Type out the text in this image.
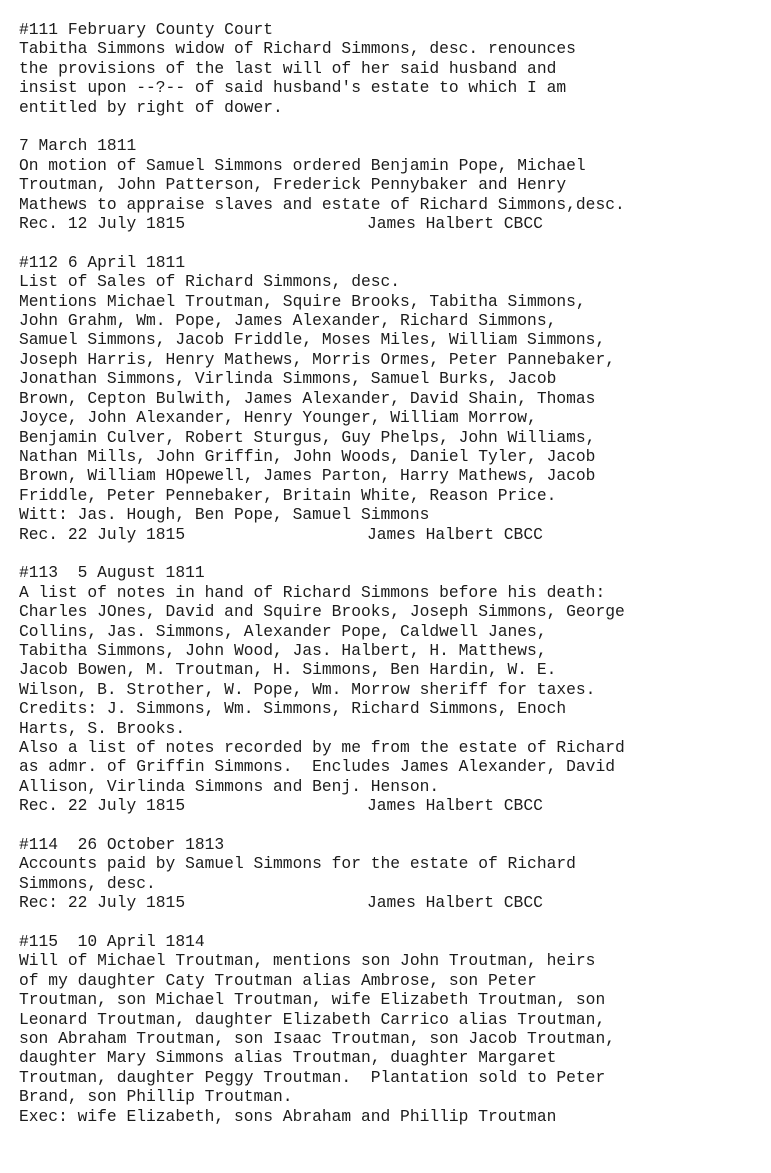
#111 February County Court
Tabitha Simmons widow of Richard Simmons, desc. renounces
the provisions of the last will of her said husband and
insist upon --?-- of said husband's estate to which I am
entitled by right of dower.
7 March 1811
On motion of Samuel Simmons ordered Benjamin Pope, Michael
Troutman, John Patterson, Frederick Pennybaker and Henry
Mathews to appraise slaves and estate of Richard Simmons,desc.
Rec. 12 July 1815	James Halbert CBCC
#112 6 April 1811
List of Sales of Richard Simmons, desc.
Mentions Michael Troutman, Squire Brooks, Tabitha Simmons,
John Grahm, Wm. Pope, James Alexander, Richard Simmons,
Samuel Simmons, Jacob Friddle, Moses Miles, William Simmons,
Joseph Harris, Henry Mathews, Morris Ormes, Peter Pannebaker,
Jonathan Simmons, Virlinda Simmons, Samuel Burks, Jacob
Brown, Cepton Bulwith, James Alexander, David Shain, Thomas
Joyce, John Alexander, Henry Younger, William Morrow,
Benjamin Culver, Robert Sturgus, Guy Phelps, John Williams,
Nathan Mills, John Griffin, John Woods, Daniel Tyler, Jacob
Brown, William HOpewell, James Parton, Harry Mathews, Jacob
Friddle, Peter Pennebaker, Britain White, Reason Price.
Witt: Jas. Hough, Ben Pope, Samuel Simmons
Rec. 22 July 1815	James Halbert CBCC
#113  5 August 1811
A list of notes in hand of Richard Simmons before his death:
Charles JOnes, David and Squire Brooks, Joseph Simmons, George
Collins, Jas. Simmons, Alexander Pope, Caldwell Janes,
Tabitha Simmons, John Wood, Jas. Halbert, H. Matthews,
Jacob Bowen, M. Troutman, H. Simmons, Ben Hardin, W. E.
Wilson, B. Strother, W. Pope, Wm. Morrow sheriff for taxes.
Credits: J. Simmons, Wm. Simmons, Richard Simmons, Enoch
Harts, S. Brooks.
Also a list of notes recorded by me from the estate of Richard
as admr. of Griffin Simmons.  Encludes James Alexander, David
Allison, Virlinda Simmons and Benj. Henson.
Rec. 22 July 1815	James Halbert CBCC
#114  26 October 1813
Accounts paid by Samuel Simmons for the estate of Richard
Simmons, desc.
Rec: 22 July 1815	James Halbert CBCC
#115  10 April 1814
Will of Michael Troutman, mentions son John Troutman, heirs
of my daughter Caty Troutman alias Ambrose, son Peter
Troutman, son Michael Troutman, wife Elizabeth Troutman, son
Leonard Troutman, daughter Elizabeth Carrico alias Troutman,
son Abraham Troutman, son Isaac Troutman, son Jacob Troutman,
daughter Mary Simmons alias Troutman, duaghter Margaret
Troutman, daughter Peggy Troutman.  Plantation sold to Peter
Brand, son Phillip Troutman.
Exec: wife Elizabeth, sons Abraham and Phillip Troutman
